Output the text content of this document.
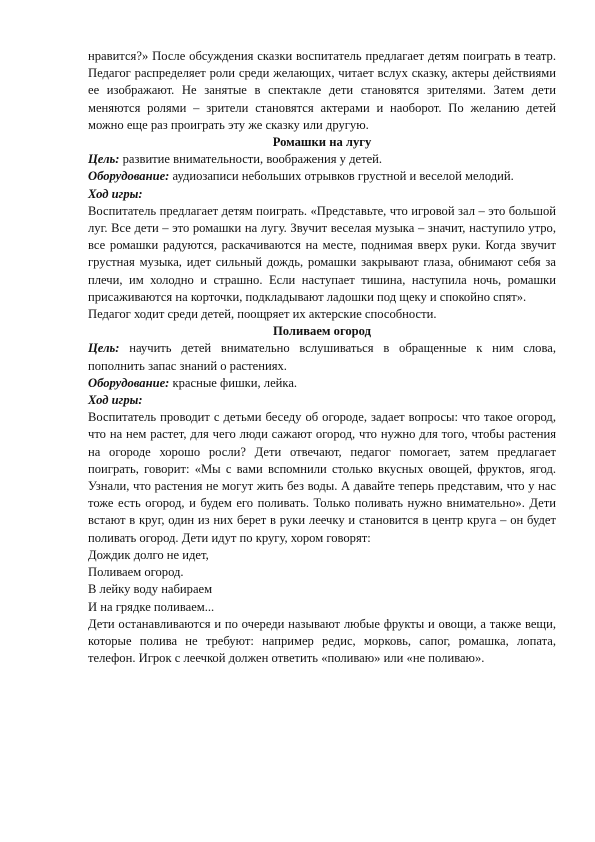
нравится?» После обсуждения сказки воспитатель предлагает детям поиграть в театр. Педагог распределяет роли среди желающих, читает вслух сказку, актеры действиями ее изображают. Не занятые в спектакле дети становятся зрителями. Затем дети меняются ролями – зрители становятся актерами и наоборот. По желанию детей можно еще раз проиграть эту же сказку или другую.

Ромашки на лугу

Цель: развитие внимательности, воображения у детей.

Оборудование: аудиозаписи небольших отрывков грустной и веселой мелодий.

Ход игры:

Воспитатель предлагает детям поиграть. «Представьте, что игровой зал – это большой луг. Все дети – это ромашки на лугу. Звучит веселая музыка – значит, наступило утро, все ромашки радуются, раскачиваются на месте, поднимая вверх руки. Когда звучит грустная музыка, идет сильный дождь, ромашки закрывают глаза, обнимают себя за плечи, им холодно и страшно. Если наступает тишина, наступила ночь, ромашки присаживаются на корточки, подкладывают ладошки под щеку и спокойно спят».

Педагог ходит среди детей, поощряет их актерские способности.

Поливаем огород

Цель: научить детей внимательно вслушиваться в обращенные к ним слова, пополнить запас знаний о растениях.

Оборудование: красные фишки, лейка.

Ход игры:

Воспитатель проводит с детьми беседу об огороде, задает вопросы: что такое огород, что на нем растет, для чего люди сажают огород, что нужно для того, чтобы растения на огороде хорошо росли? Дети отвечают, педагог помогает, затем предлагает поиграть, говорит: «Мы с вами вспомнили столько вкусных овощей, фруктов, ягод. Узнали, что растения не могут жить без воды. А давайте теперь представим, что у нас тоже есть огород, и будем его поливать. Только поливать нужно внимательно». Дети встают в круг, один из них берет в руки леечку и становится в центр круга – он будет поливать огород. Дети идут по кругу, хором говорят:

Дождик долго не идет,

Поливаем огород.

В лейку воду набираем

И на грядке поливаем...

Дети останавливаются и по очереди называют любые фрукты и овощи, а также вещи, которые полива не требуют: например редис, морковь, сапог, ромашка, лопата, телефон. Игрок с леечкой должен ответить «поливаю» или «не поливаю».
